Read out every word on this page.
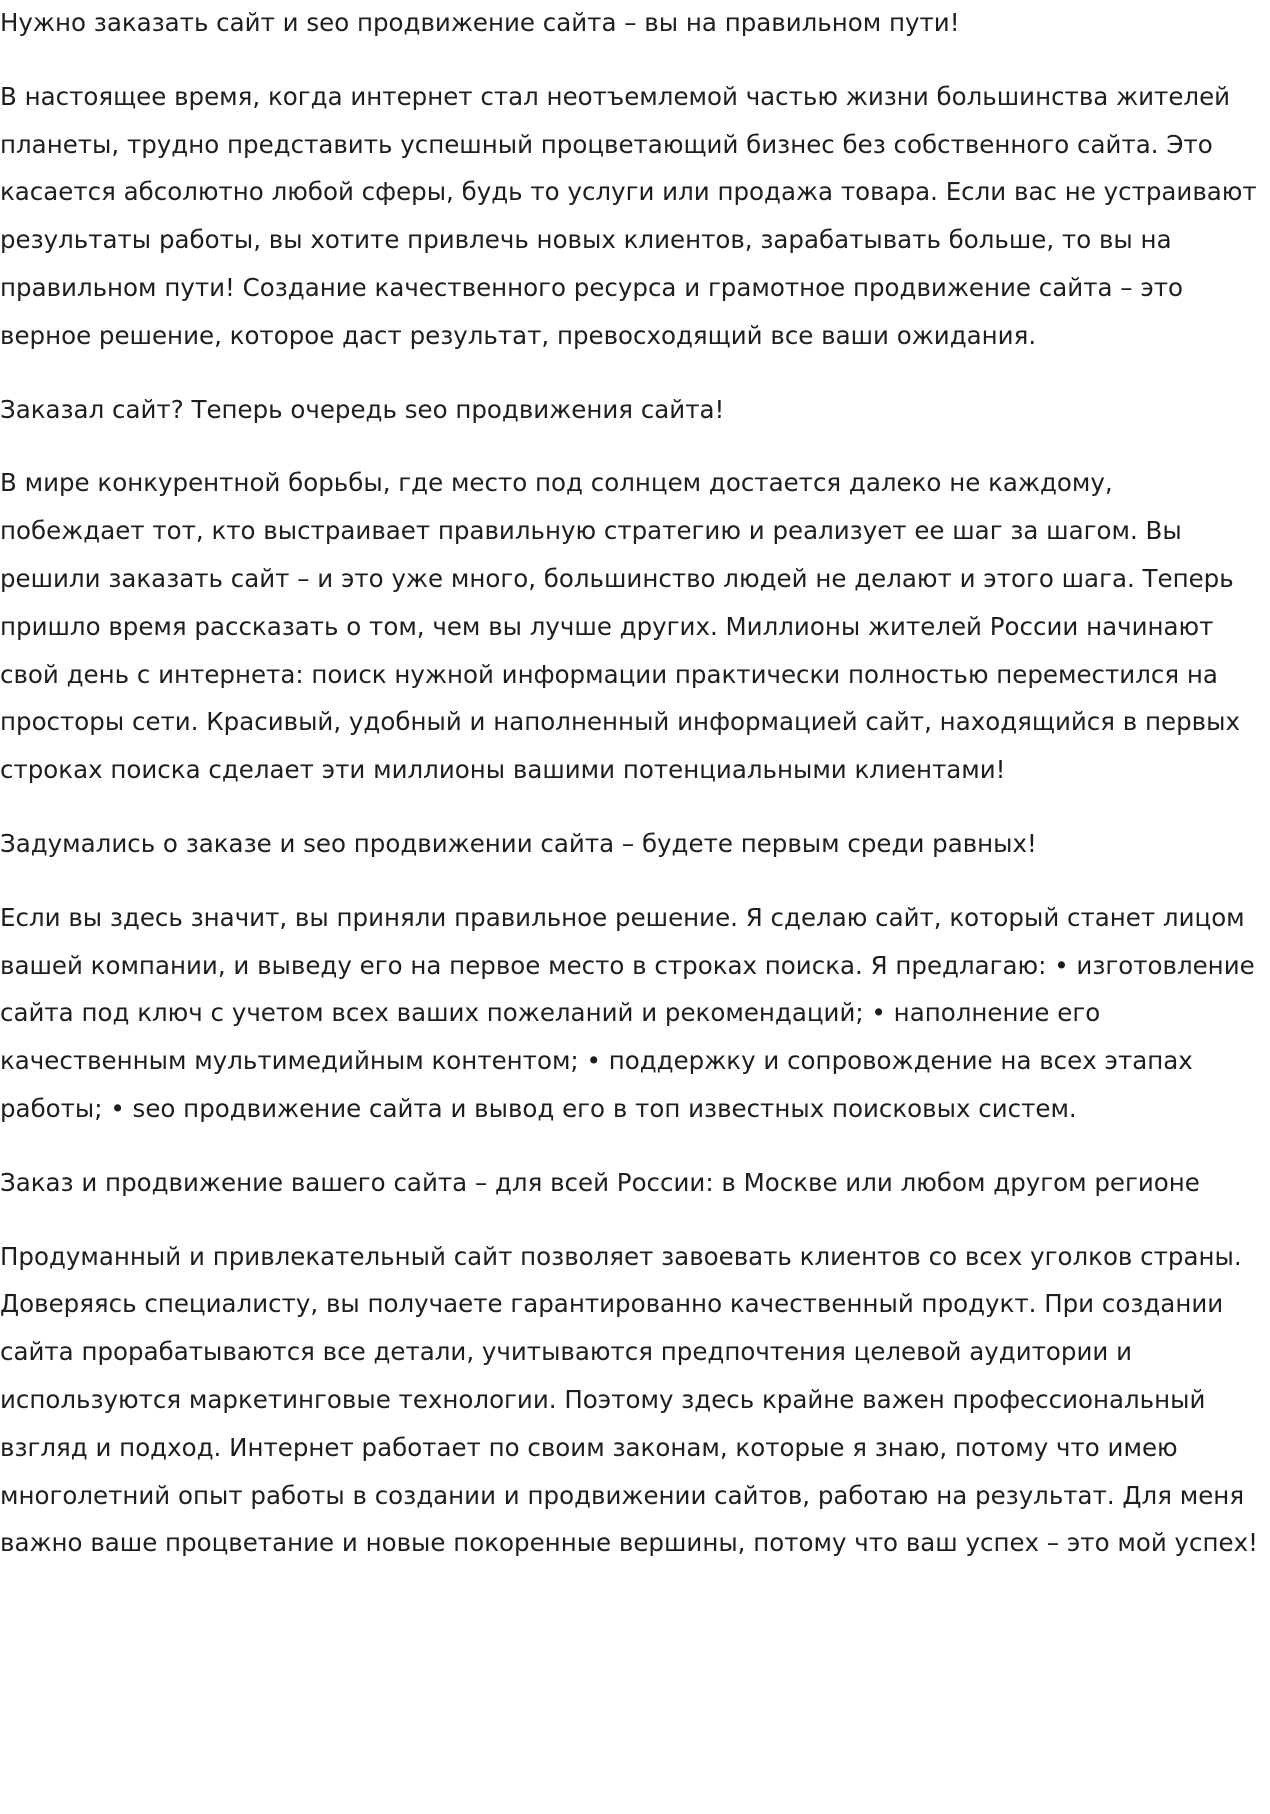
Нужно заказать сайт и seo продвижение сайта – вы на правильном пути!

В настоящее время, когда интернет стал неотъемлемой частью жизни большинства жителей планеты, трудно представить успешный процветающий бизнес без собственного сайта. Это касается абсолютно любой сферы, будь то услуги или продажа товара. Если вас не устраивают результаты работы, вы хотите привлечь новых клиентов, зарабатывать больше, то вы на правильном пути! Создание качественного ресурса и грамотное продвижение сайта – это верное решение, которое даст результат, превосходящий все ваши ожидания.

Заказал сайт? Теперь очередь seo продвижения сайта!

В мире конкурентной борьбы, где место под солнцем достается далеко не каждому, побеждает тот, кто выстраивает правильную стратегию и реализует ее шаг за шагом. Вы решили заказать сайт – и это уже много, большинство людей не делают и этого шага. Теперь пришло время рассказать о том, чем вы лучше других. Миллионы жителей России начинают свой день с интернета: поиск нужной информации практически полностью переместился на просторы сети. Красивый, удобный и наполненный информацией сайт, находящийся в первых строках поиска сделает эти миллионы вашими потенциальными клиентами!

Задумались о заказе и seo продвижении сайта – будете первым среди равных!

Если вы здесь значит, вы приняли правильное решение. Я сделаю сайт, который станет лицом вашей компании, и выведу его на первое место в строках поиска. Я предлагаю: • изготовление сайта под ключ с учетом всех ваших пожеланий и рекомендаций; • наполнение его качественным мультимедийным контентом; • поддержку и сопровождение на всех этапах работы; • seo продвижение сайта и вывод его в топ известных поисковых систем.

Заказ и продвижение вашего сайта – для всей России: в Москве или любом другом регионе

Продуманный и привлекательный сайт позволяет завоевать клиентов со всех уголков страны. Доверяясь специалисту, вы получаете гарантированно качественный продукт. При создании сайта прорабатываются все детали, учитываются предпочтения целевой аудитории и используются маркетинговые технологии. Поэтому здесь крайне важен профессиональный взгляд и подход. Интернет работает по своим законам, которые я знаю, потому что имею многолетний опыт работы в создании и продвижении сайтов, работаю на результат. Для меня важно ваше процветание и новые покоренные вершины, потому что ваш успех – это мой успех!
